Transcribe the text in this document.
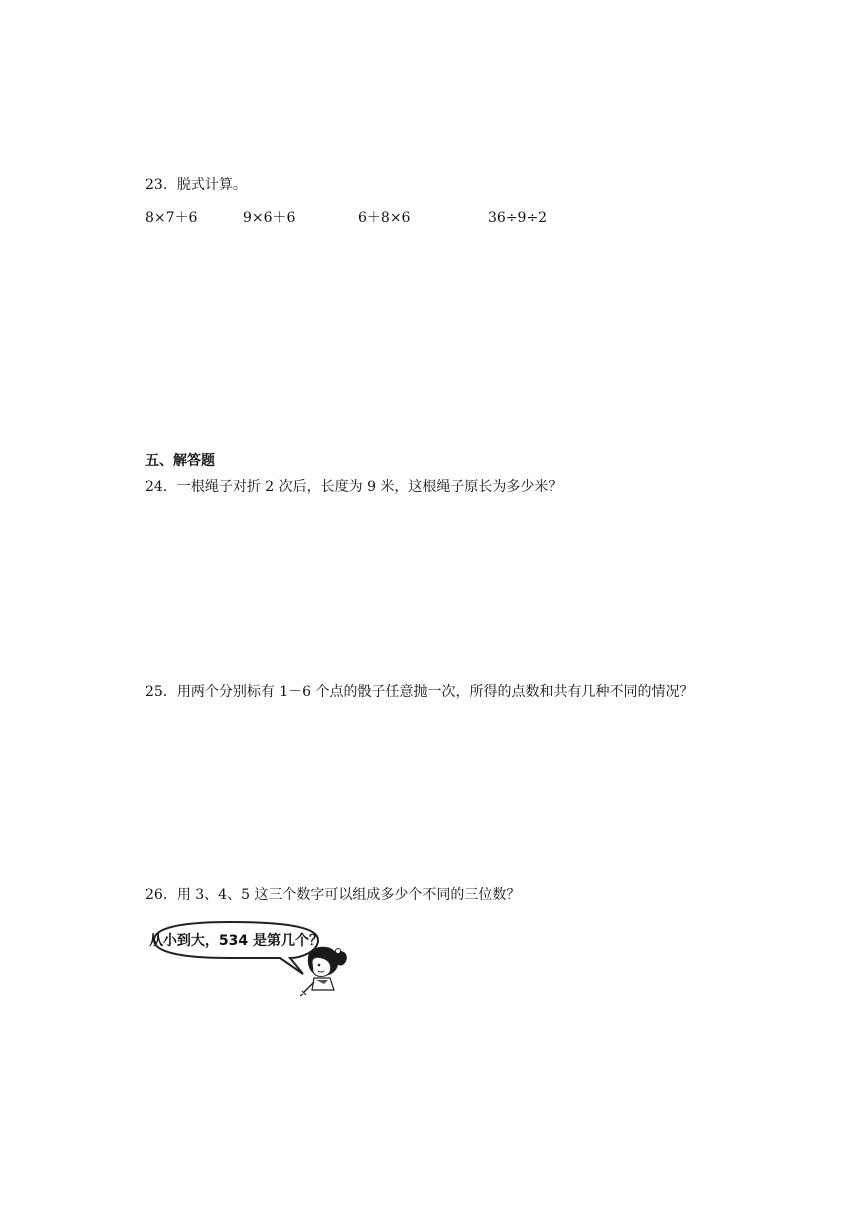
23．脱式计算。
8×7＋6	9×6＋6	6＋8×6	36÷9÷2
五、解答题
24．一根绳子对折 2 次后，长度为 9 米，这根绳子原长为多少米？
25．用两个分别标有 1－6 个点的骰子任意抛一次，所得的点数和共有几种不同的情况？
26．用 3、4、5 这三个数字可以组成多少个不同的三位数？
从小到大，534 是第几个？
